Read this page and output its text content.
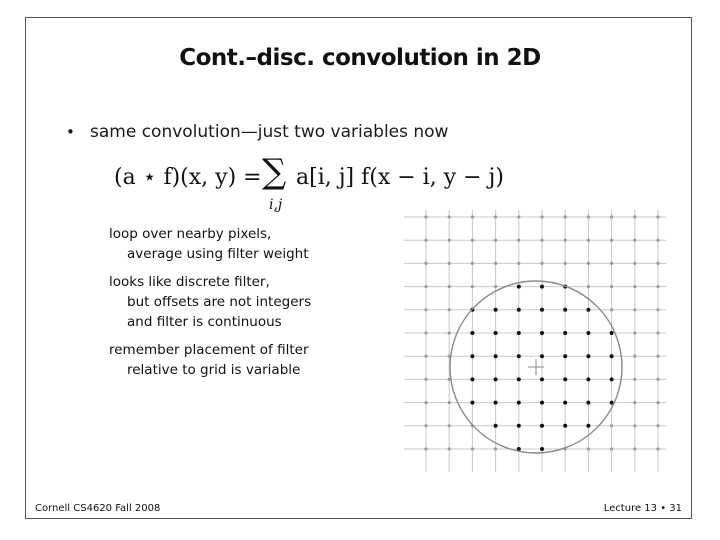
Cont.–disc. convolution in 2D
• same convolution—just two variables now
(a ⋆ f)(x, y) = ∑
i,j
a[i, j] f(x − i, y − j)
loop over nearby pixels,
average using filter weight
looks like discrete filter,
but offsets are not integers
and filter is continuous
remember placement of filter
relative to grid is variable
Cornell CS4620 Fall 2008	Lecture 13 • 31
